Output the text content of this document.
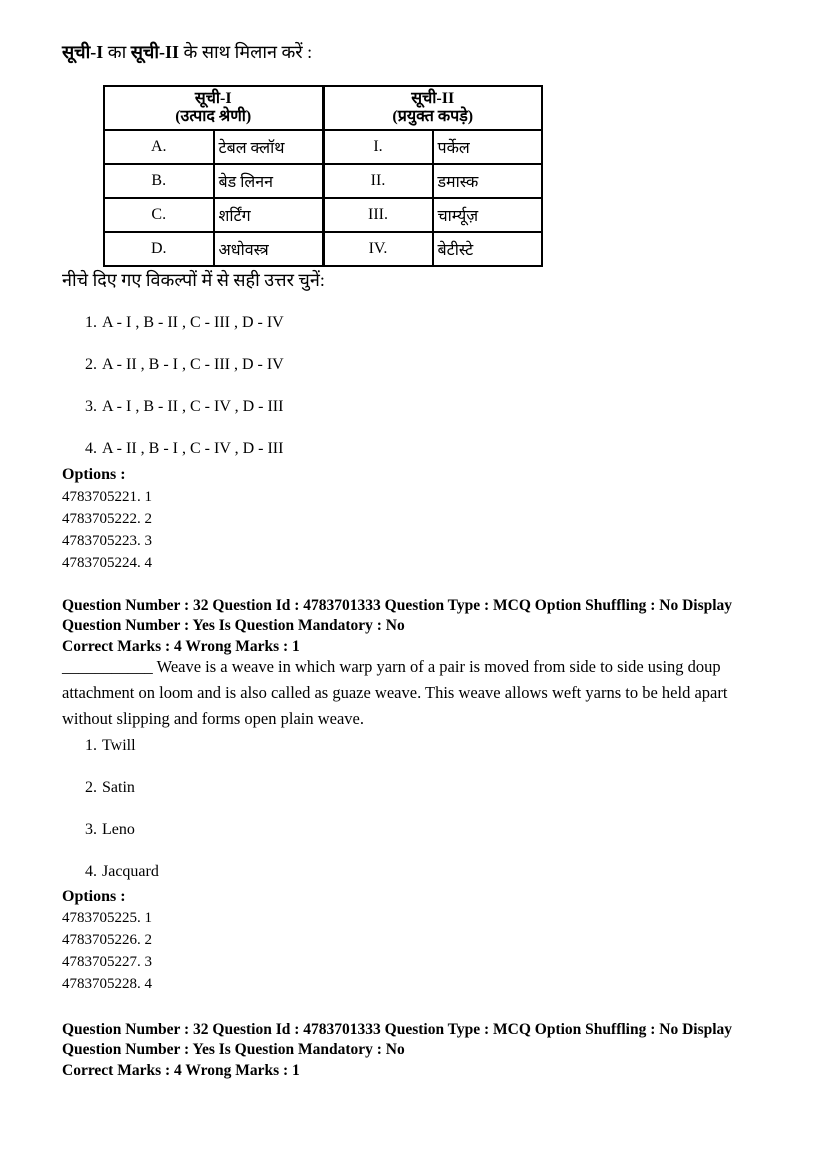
सूची-I का सूची-II के साथ मिलान करें :
सूची-I
(उत्पाद श्रेणी)

सूची-II
(प्रयुक्त कपड़े)

A.	टेबल क्लॉथ	I.	पर्केल
B.	बेड लिनन	II.	डमास्क
C.	शर्टिंग	III.	चार्म्यूज़
D.	अधोवस्त्र	IV.	बेटीस्टे
नीचे दिए गए विकल्पों में से सही उत्तर चुनें:

1. A - I , B - II , C - III , D - IV

2. A - II , B - I , C - III , D - IV

3. A - I , B - II , C - IV , D - III

4. A - II , B - I , C - IV , D - III

Options :

4783705221. 1

4783705222. 2

4783705223. 3

4783705224. 4

Question Number : 32 Question Id : 4783701333 Question Type : MCQ Option Shuffling : No Display Question Number : Yes Is Question Mandatory : No

Correct Marks : 4 Wrong Marks : 1

___________ Weave is a weave in which warp yarn of a pair is moved from side to side using doup attachment on loom and is also called as guaze weave. This weave allows weft yarns to be held apart without slipping and forms open plain weave.

1. Twill

2. Satin

3. Leno

4. Jacquard

Options :

4783705225. 1

4783705226. 2

4783705227. 3

4783705228. 4

Question Number : 32 Question Id : 4783701333 Question Type : MCQ Option Shuffling : No Display Question Number : Yes Is Question Mandatory : No

Correct Marks : 4 Wrong Marks : 1
